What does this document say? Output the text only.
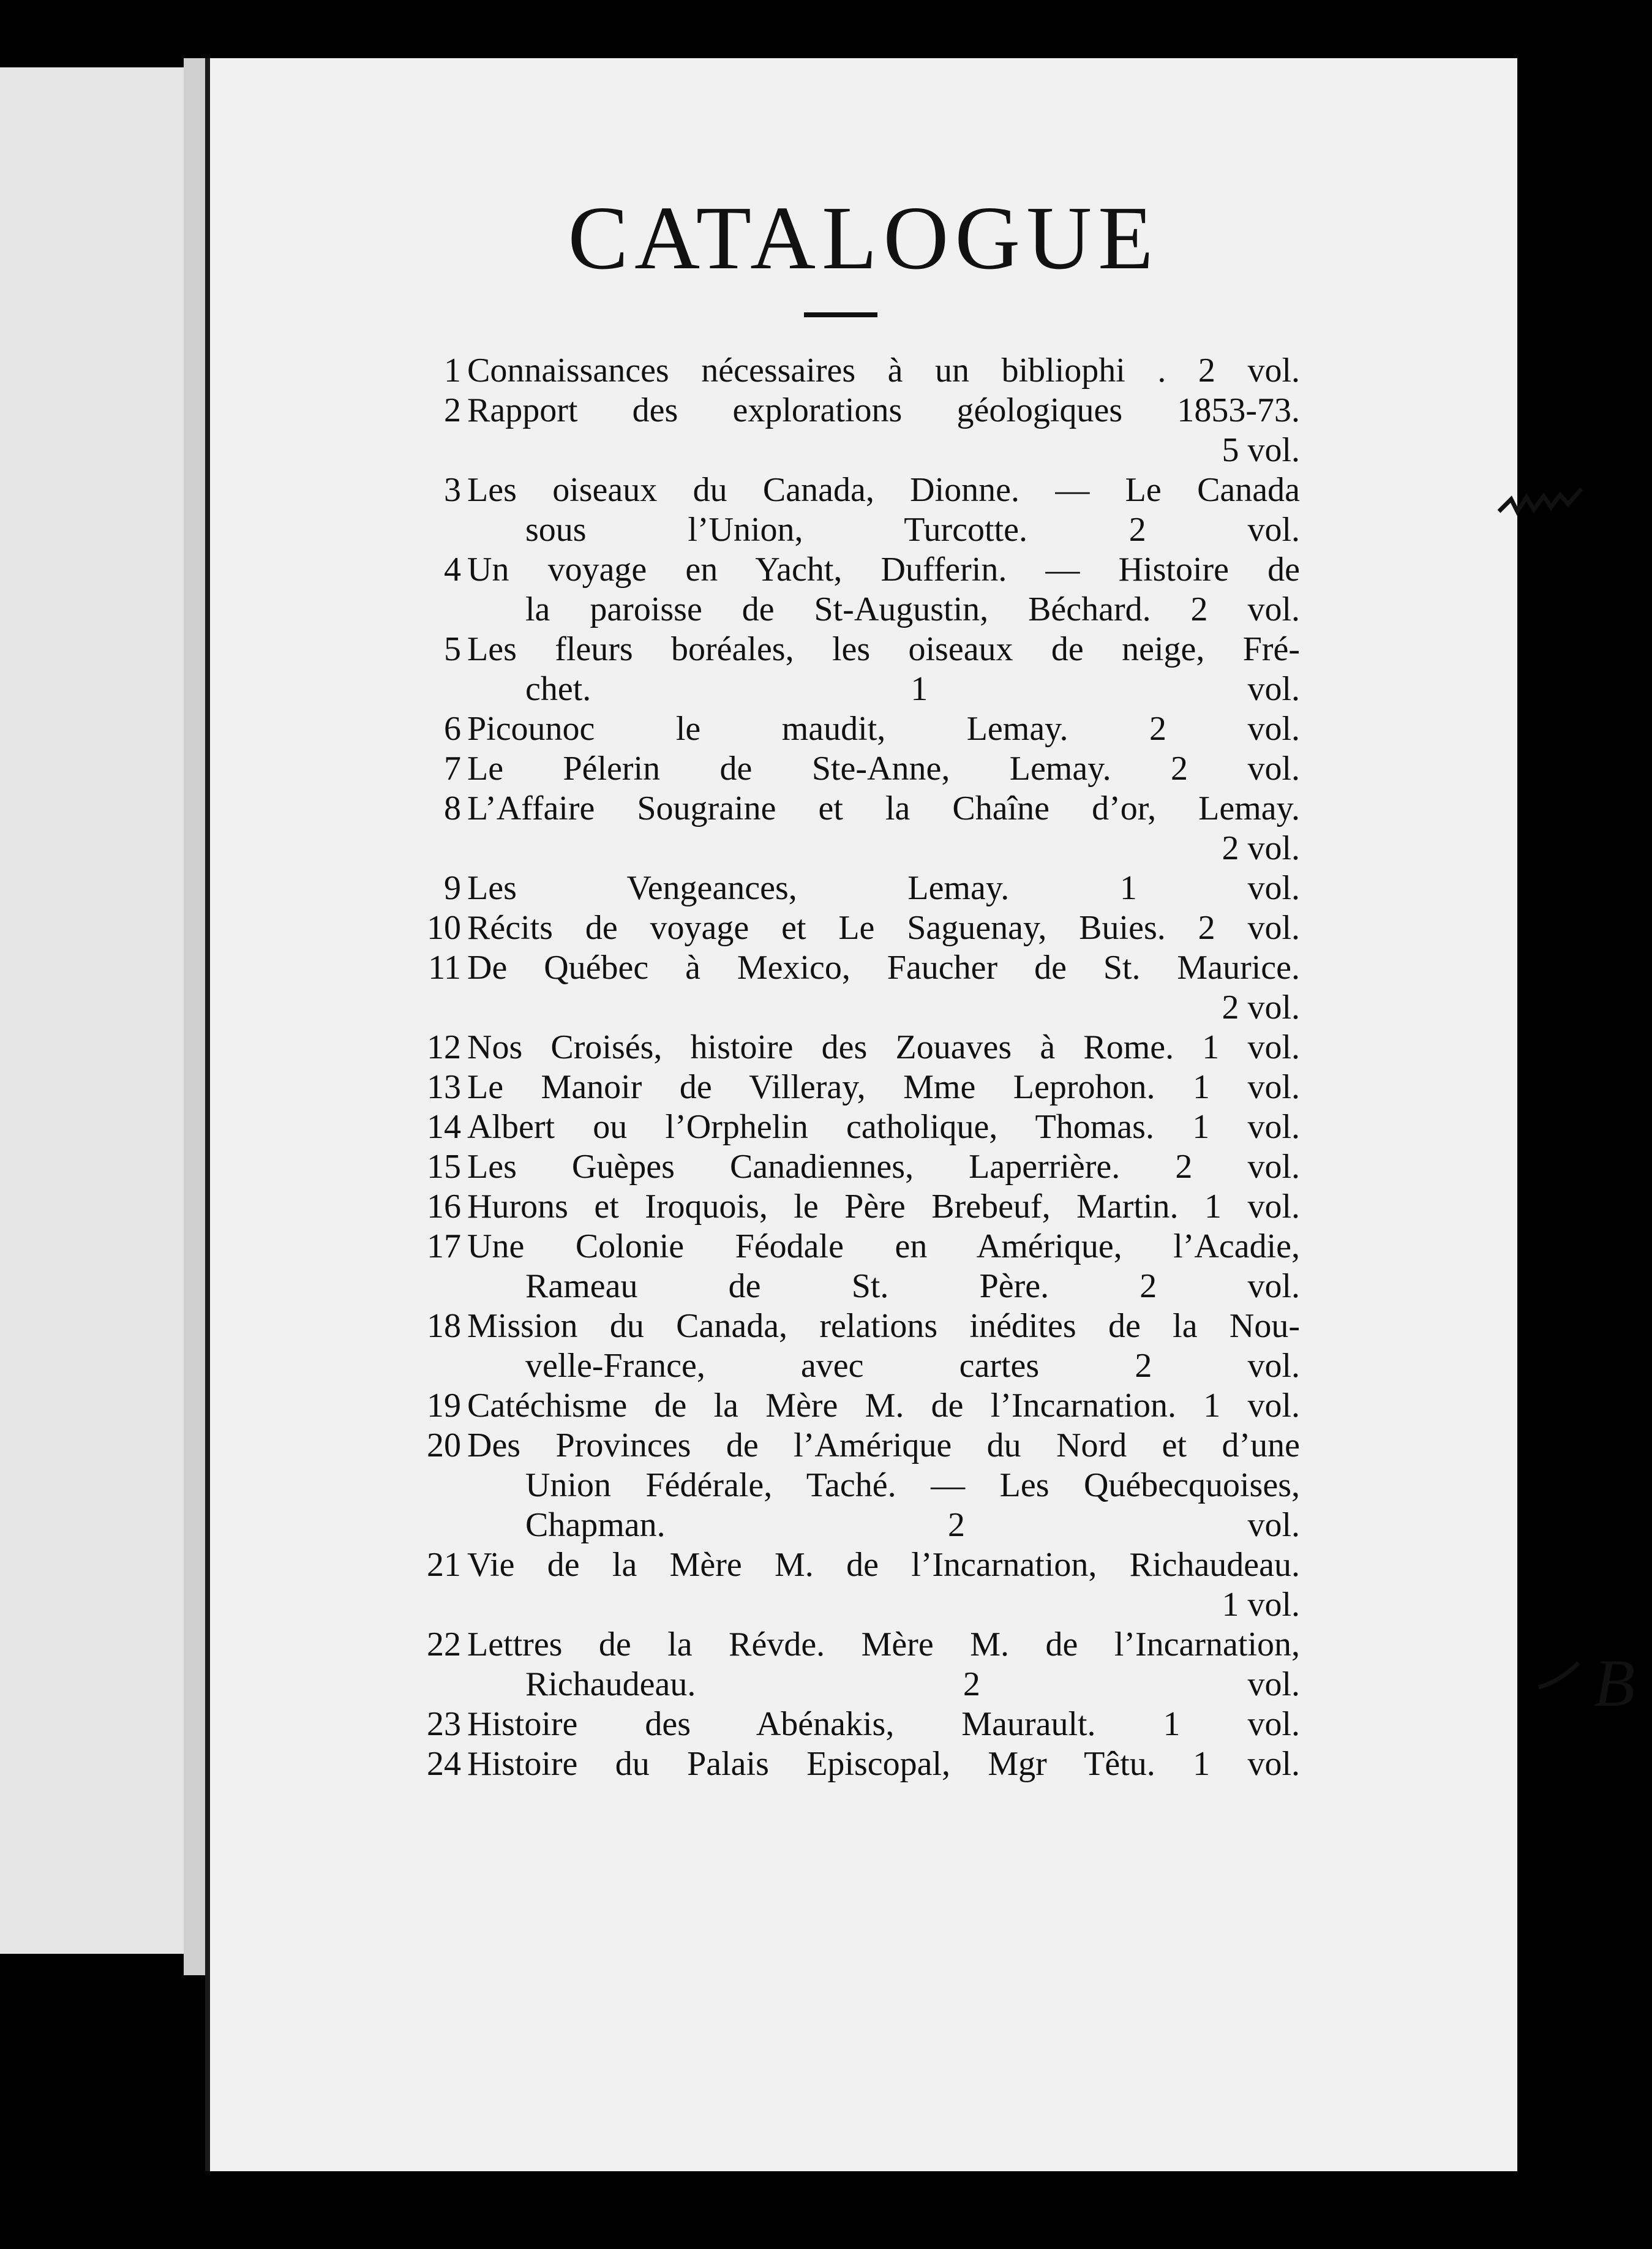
CATALOGUE
1 Connaissances nécessaires à un bibliophi . 2 vol.
2 Rapport des explorations géologiques 1853-73.
5 vol.
3 Les oiseaux du Canada, Dionne. — Le Canada
sous l’Union, Turcotte.	2 vol.
4 Un voyage en Yacht, Dufferin. — Histoire de
la paroisse de St-Augustin, Béchard. 2 vol.
5 Les fleurs boréales, les oiseaux de neige, Fré-
chet.	1 vol.
6 Picounoc le maudit, Lemay. 2 vol.
7 Le Pélerin de Ste-Anne, Lemay. 2 vol.
8 L’Affaire Sougraine et la Chaîne d’or, Lemay.
2 vol.
9 Les Vengeances, Lemay.	1 vol.
10 Récits de voyage et Le Saguenay, Buies. 2 vol.
11 De Québec à Mexico, Faucher de St. Maurice.
2 vol.
12 Nos Croisés, histoire des Zouaves à Rome. 1 vol.
13 Le Manoir de Villeray, Mme Leprohon. 1 vol.
14 Albert ou l’Orphelin catholique, Thomas. 1 vol.
15 Les Guèpes Canadiennes, Laperrière. 2 vol.
16 Hurons et Iroquois, le Père Brebeuf, Martin. 1 vol.
17 Une Colonie Féodale en Amérique, l’Acadie,
Rameau de St. Père.	2 vol.
18 Mission du Canada, relations inédites de la Nou-
velle-France, avec cartes	2 vol.
19 Catéchisme de la Mère M. de l’Incarnation. 1 vol.
20 Des Provinces de l’Amérique du Nord et d’une
Union Fédérale, Taché. — Les Québecquoises,
Chapman.	2 vol.
21 Vie de la Mère M. de l’Incarnation, Richaudeau.
1 vol.
22 Lettres de la Révde. Mère M. de l’Incarnation,
Richaudeau.	2 vol.
23 Histoire des Abénakis, Maurault. 1 vol.
24 Histoire du Palais Episcopal, Mgr Têtu. 1 vol.
B
